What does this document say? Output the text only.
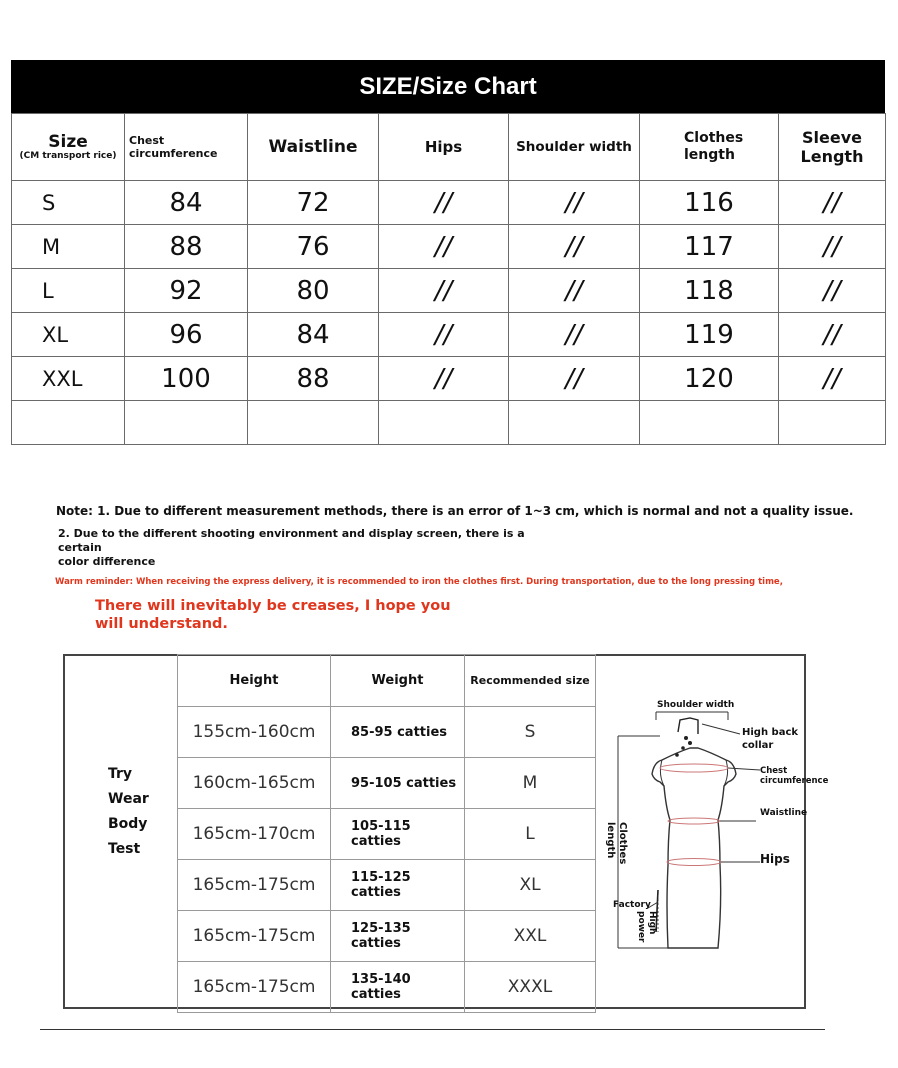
SIZE/Size Chart
Size
(CM transport rice)	Chest circumference	Waistline	Hips	Shoulder width	Clothes length	Sleeve Length

S	84	72	//	//	116	//
M	88	76	//	//	117	//
L	92	80	//	//	118	//
XL	96	84	//	//	119	//
XXL	100	88	//	//	120	//

Note: 1. Due to different measurement methods, there is an error of 1~3 cm, which is normal and not a quality issue.
2. Due to the different shooting environment and display screen, there is a certain
color difference
Warm reminder: When receiving the express delivery, it is recommended to iron the clothes first. During transportation, due to the long pressing time,
There will inevitably be creases, I hope you
will understand.
Try
Wear
Body
Test
Height	Weight	Recommended size
155cm-160cm	85-95 catties	S
160cm-165cm	95-105 catties	M
165cm-170cm	105-115 catties	L
165cm-175cm	115-125 catties	XL
165cm-175cm	125-135 catties	XXL
165cm-175cm	135-140 catties	XXXL
Shoulder width
High back collar
Chest circumference
Waistline
Hips
Clothes length
Factory
High power
